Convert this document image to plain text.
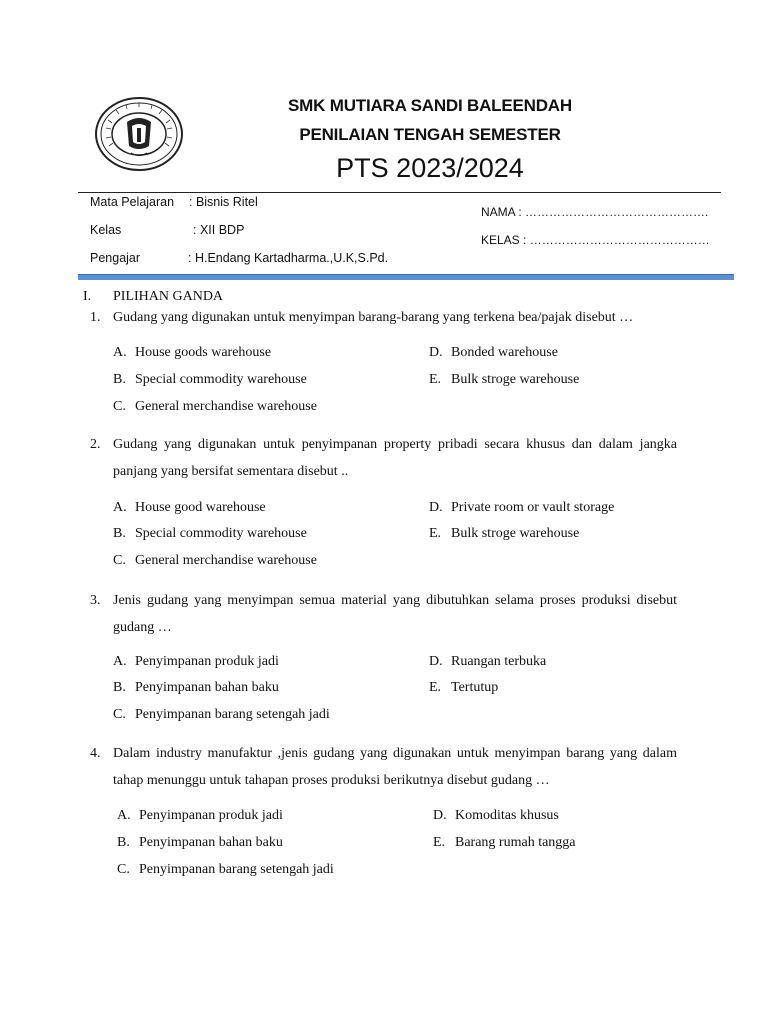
SMK MUTIARA SANDI BALEENDAH
PENILAIAN TENGAH SEMESTER
PTS 2023/2024
Mata Pelajaran : Bisnis Ritel
Kelas	: XII BDP
Pengajar	: H.Endang Kartadharma.,U.K,S.Pd.
NAMA : ……………………………………….
KELAS : ………………………………………
I. PILIHAN GANDA
1. Gudang yang digunakan untuk menyimpan barang-barang yang terkena bea/pajak disebut …
A. House goods warehouse
B. Special commodity warehouse
C. General merchandise warehouse
D. Bonded warehouse
E. Bulk stroge warehouse
2. Gudang yang digunakan untuk penyimpanan property pribadi secara khusus dan dalam jangka panjang yang bersifat sementara disebut ..
A. House good warehouse
B. Special commodity warehouse
C. General merchandise warehouse
D. Private room or vault storage
E. Bulk stroge warehouse
3. Jenis gudang yang menyimpan semua material yang dibutuhkan selama proses produksi disebut gudang …
A. Penyimpanan produk jadi
B. Penyimpanan bahan baku
C. Penyimpanan barang setengah jadi
D. Ruangan terbuka
E. Tertutup
4. Dalam industry manufaktur ,jenis gudang yang digunakan untuk menyimpan barang yang dalam tahap menunggu untuk tahapan proses produksi berikutnya disebut gudang …
A. Penyimpanan produk jadi
B. Penyimpanan bahan baku
C. Penyimpanan barang setengah jadi
D. Komoditas khusus
E. Barang rumah tangga
